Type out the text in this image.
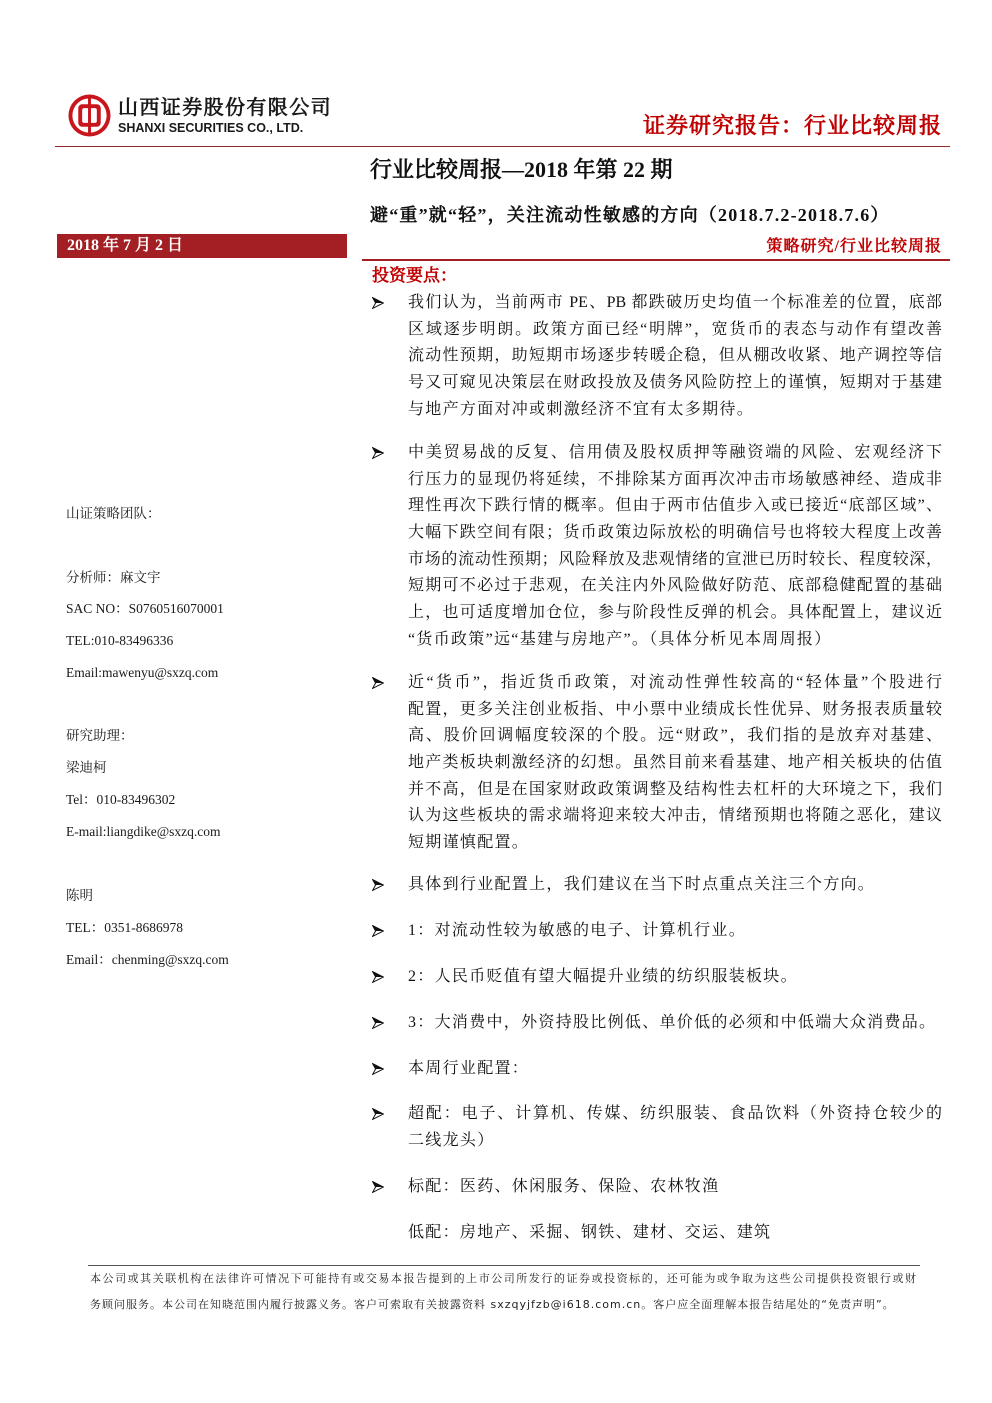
山西证券股份有限公司
SHANXI SECURITIES CO., LTD.	证券研究报告：行业比较周报
行业比较周报—2018 年第 22 期
避“重”就“轻”，关注流动性敏感的方向（2018.7.2-2018.7.6）
2018 年 7 月 2 日	策略研究/行业比较周报
投资要点：
我们认为，当前两市 PE、PB 都跌破历史均值一个标准差的位置，底部
区域逐步明朗。政策方面已经“明牌”，宽货币的表态与动作有望改善
流动性预期，助短期市场逐步转暖企稳，但从棚改收紧、地产调控等信
号又可窥见决策层在财政投放及债务风险防控上的谨慎，短期对于基建
与地产方面对冲或刺激经济不宜有太多期待。
中美贸易战的反复、信用债及股权质押等融资端的风险、宏观经济下
行压力的显现仍将延续，不排除某方面再次冲击市场敏感神经、造成非
理性再次下跌行情的概率。但由于两市估值步入或已接近“底部区域”、
大幅下跌空间有限；货币政策边际放松的明确信号也将较大程度上改善
市场的流动性预期；风险释放及悲观情绪的宣泄已历时较长、程度较深，
短期可不必过于悲观，在关注内外风险做好防范、底部稳健配置的基础
上，也可适度增加仓位，参与阶段性反弹的机会。具体配置上，建议近
“货币政策”远“基建与房地产”。（具体分析见本周周报）
近“货币”，指近货币政策，对流动性弹性较高的“轻体量”个股进行
配置，更多关注创业板指、中小票中业绩成长性优异、财务报表质量较
高、股价回调幅度较深的个股。远“财政”，我们指的是放弃对基建、
地产类板块刺激经济的幻想。虽然目前来看基建、地产相关板块的估值
并不高，但是在国家财政政策调整及结构性去杠杆的大环境之下，我们
认为这些板块的需求端将迎来较大冲击，情绪预期也将随之恶化，建议
短期谨慎配置。
具体到行业配置上，我们建议在当下时点重点关注三个方向。
1：对流动性较为敏感的电子、计算机行业。
2：人民币贬值有望大幅提升业绩的纺织服装板块。
3：大消费中，外资持股比例低、单价低的必须和中低端大众消费品。
本周行业配置：
超配：电子、计算机、传媒、纺织服装、食品饮料（外资持仓较少的
二线龙头）
标配：医药、休闲服务、保险、农林牧渔
低配：房地产、采掘、钢铁、建材、交运、建筑
山证策略团队：
分析师：麻文宇
SAC NO：S0760516070001
TEL:010-83496336
Email:mawenyu@sxzq.com
研究助理：
梁迪柯
Tel：010-83496302
E-mail:liangdike@sxzq.com
陈明
TEL：0351-8686978
Email：chenming@sxzq.com
本公司或其关联机构在法律许可情况下可能持有或交易本报告提到的上市公司所发行的证券或投资标的，还可能为或争取为这些公司提供投资银行或财
务顾问服务。本公司在知晓范围内履行披露义务。客户可索取有关披露资料 sxzqyjfzb@i618.com.cn。客户应全面理解本报告结尾处的“免责声明”。
